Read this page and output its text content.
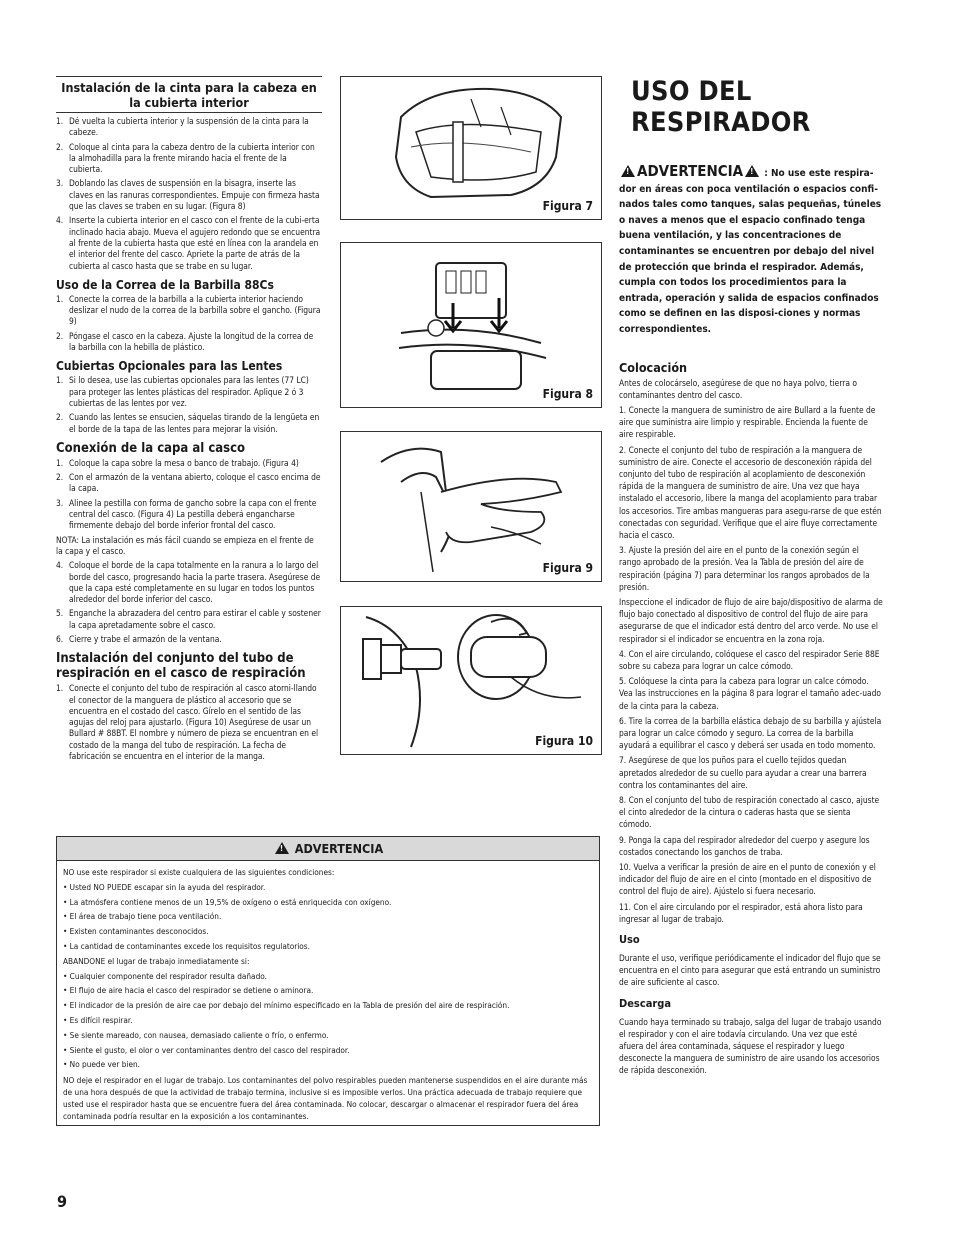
Instalación de la cinta para la cabeza en la cubierta interior
1. Dé vuelta la cubierta interior y la suspensión de la cinta para la cabeze.
2. Coloque al cinta para la cabeza dentro de la cubierta interior con la almohadilla para la frente mirando hacia el frente de la cubierta.
3. Doblando las claves de suspensión en la bisagra, inserte las claves en las ranuras correspondientes. Empuje con firmeza hasta que las claves se traben en su lugar. (Figura 8)
4. Inserte la cubierta interior en el casco con el frente de la cubi-erta inclinado hacia abajo. Mueva el agujero redondo que se encuentra al frente de la cubierta hasta que esté en línea con la arandela en el interior del frente del casco. Apriete la parte de atrás de la cubierta al casco hasta que se trabe en su lugar.
Uso de la Correa de la Barbilla 88Cs
1. Conecte la correa de la barbilla a la cubierta interior haciendo deslizar el nudo de la correa de la barbilla sobre el gancho. (Figura 9)
2. Póngase el casco en la cabeza. Ajuste la longitud de la correa de la barbilla con la hebilla de plástico.
Cubiertas Opcionales para las Lentes
1. Si lo desea, use las cubiertas opcionales para las lentes (77 LC) para proteger las lentes plásticas del respirador. Aplique 2 ó 3 cubiertas de las lentes por vez.
2. Cuando las lentes se ensucien, sáquelas tirando de la lengüeta en el borde de la tapa de las lentes para mejorar la visión.
Conexión de la capa al casco
1. Coloque la capa sobre la mesa o banco de trabajo. (Figura 4)
2. Con el armazón de la ventana abierto, coloque el casco encima de la capa.
3. Alinee la pestilla con forma de gancho sobre la capa con el frente central del casco. (Figura 4) La pestilla deberá engancharse firmemente debajo del borde inferior frontal del casco.
NOTA: La instalación es más fácil cuando se empieza en el frente de la capa y el casco.
4. Coloque el borde de la capa totalmente en la ranura a lo largo del borde del casco, progresando hacia la parte trasera. Asegúrese de que la capa esté completamente en su lugar en todos los puntos alrededor del borde inferior del casco.
5. Enganche la abrazadera del centro para estirar el cable y sostener la capa apretadamente sobre el casco.
6. Cierre y trabe el armazón de la ventana.
Instalación del conjunto del tubo de respiración en el casco de respiración
1. Conecte el conjunto del tubo de respiración al casco atorni-llando el conector de la manguera de plástico al accesorio que se encuentra en el costado del casco. Gírelo en el sentido de las agujas del reloj para ajustarlo. (Figura 10) Asegúrese de usar un Bullard # 88BT. El nombre y número de pieza se encuentran en el costado de la manga del tubo de respiración. La fecha de fabricación se encuentra en el interior de la manga.
Figura 7
Figura 8
Figura 9
Figura 10
USO DEL RESPIRADOR
!ADVERTENCIA! : No use este respira-dor en áreas con poca ventilación o espacios confi-nados tales como tanques, salas pequeñas, túneles o naves a menos que el espacio confinado tenga buena ventilación, y las concentraciones de contaminantes se encuentren por debajo del nivel de protección que brinda el respirador. Además, cumpla con todos los procedimientos para la entrada, operación y salida de espacios confinados como se definen en las disposi-ciones y normas correspondientes.
Colocación
Antes de colocárselo, asegúrese de que no haya polvo, tierra o contaminantes dentro del casco.
1. Conecte la manguera de suministro de aire Bullard a la fuente de aire que suministra aire limpio y respirable. Encienda la fuente de aire respirable.
2. Conecte el conjunto del tubo de respiración a la manguera de suministro de aire. Conecte el accesorio de desconexión rápida del conjunto del tubo de respiración al acoplamiento de desconexión rápida de la manguera de suministro de aire. Una vez que haya instalado el accesorio, libere la manga del acoplamiento para trabar los accesorios. Tire ambas mangueras para asegu-rarse de que estén conectadas con seguridad. Verifique que el aire fluye correctamente hacia el casco.
3. Ajuste la presión del aire en el punto de la conexión según el rango aprobado de la presión. Vea la Tabla de presión del aire de respiración (página 7) para determinar los rangos aprobados de la presión.
Inspeccione el indicador de flujo de aire bajo/dispositivo de alarma de flujo bajo conectado al dispositivo de control del flujo de aire para asegurarse de que el indicador está dentro del arco verde. No use el respirador si el indicador se encuentra en la zona roja.
4. Con el aire circulando, colóquese el casco del respirador Serie 88E sobre su cabeza para lograr un calce cómodo.
5. Colóquese la cinta para la cabeza para lograr un calce cómodo. Vea las instrucciones en la página 8 para lograr el tamaño adec-uado de la cinta para la cabeza.
6. Tire la correa de la barbilla elástica debajo de su barbilla y ajústela para lograr un calce cómodo y seguro. La correa de la barbilla ayudará a equilibrar el casco y deberá ser usada en todo momento.
7. Asegúrese de que los puños para el cuello tejidos quedan apretados alrededor de su cuello para ayudar a crear una barrera contra los contaminantes del aire.
8. Con el conjunto del tubo de respiración conectado al casco, ajuste el cinto alrededor de la cintura o caderas hasta que se sienta cómodo.
9. Ponga la capa del respirador alrededor del cuerpo y asegure los costados conectando los ganchos de traba.
10. Vuelva a verificar la presión de aire en el punto de conexión y el indicador del flujo de aire en el cinto (montado en el dispositivo de control del flujo de aire). Ajústelo si fuera necesario.
11. Con el aire circulando por el respirador, está ahora listo para ingresar al lugar de trabajo.
Uso
Durante el uso, verifique periódicamente el indicador del flujo que se encuentra en el cinto para asegurar que está entrando un suministro de aire suficiente al casco.
Descarga
Cuando haya terminado su trabajo, salga del lugar de trabajo usando el respirador y con el aire todavía circulando. Una vez que esté afuera del área contaminada, sáquese el respirador y luego desconecte la manguera de suministro de aire usando los accesorios de rápida desconexión.
! ADVERTENCIA
NO use este respirador si existe cualquiera de las siguientes condiciones:
• Usted NO PUEDE escapar sin la ayuda del respirador.
• La atmósfera contiene menos de un 19,5% de oxígeno o está enriquecida con oxígeno.
• El área de trabajo tiene poca ventilación.
• Existen contaminantes desconocidos.
• La cantidad de contaminantes excede los requisitos regulatorios.
ABANDONE el lugar de trabajo inmediatamente si:
• Cualquier componente del respirador resulta dañado.
• El flujo de aire hacia el casco del respirador se detiene o aminora.
• El indicador de la presión de aire cae por debajo del mínimo especificado en la Tabla de presión del aire de respiración.
• Es difícil respirar.
• Se siente mareado, con nausea, demasiado caliente o frío, o enfermo.
• Siente el gusto, el olor o ver contaminantes dentro del casco del respirador.
• No puede ver bien.
NO deje el respirador en el lugar de trabajo. Los contaminantes del polvo respirables pueden mantenerse suspendidos en el aire durante más de una hora después de que la actividad de trabajo termina, inclusive si es imposible verlos. Una práctica adecuada de trabajo requiere que usted use el respirador hasta que se encuentre fuera del área contaminada. No colocar, descargar o almacenar el respirador fuera del área contaminada podría resultar en la exposición a los contaminantes.
9
